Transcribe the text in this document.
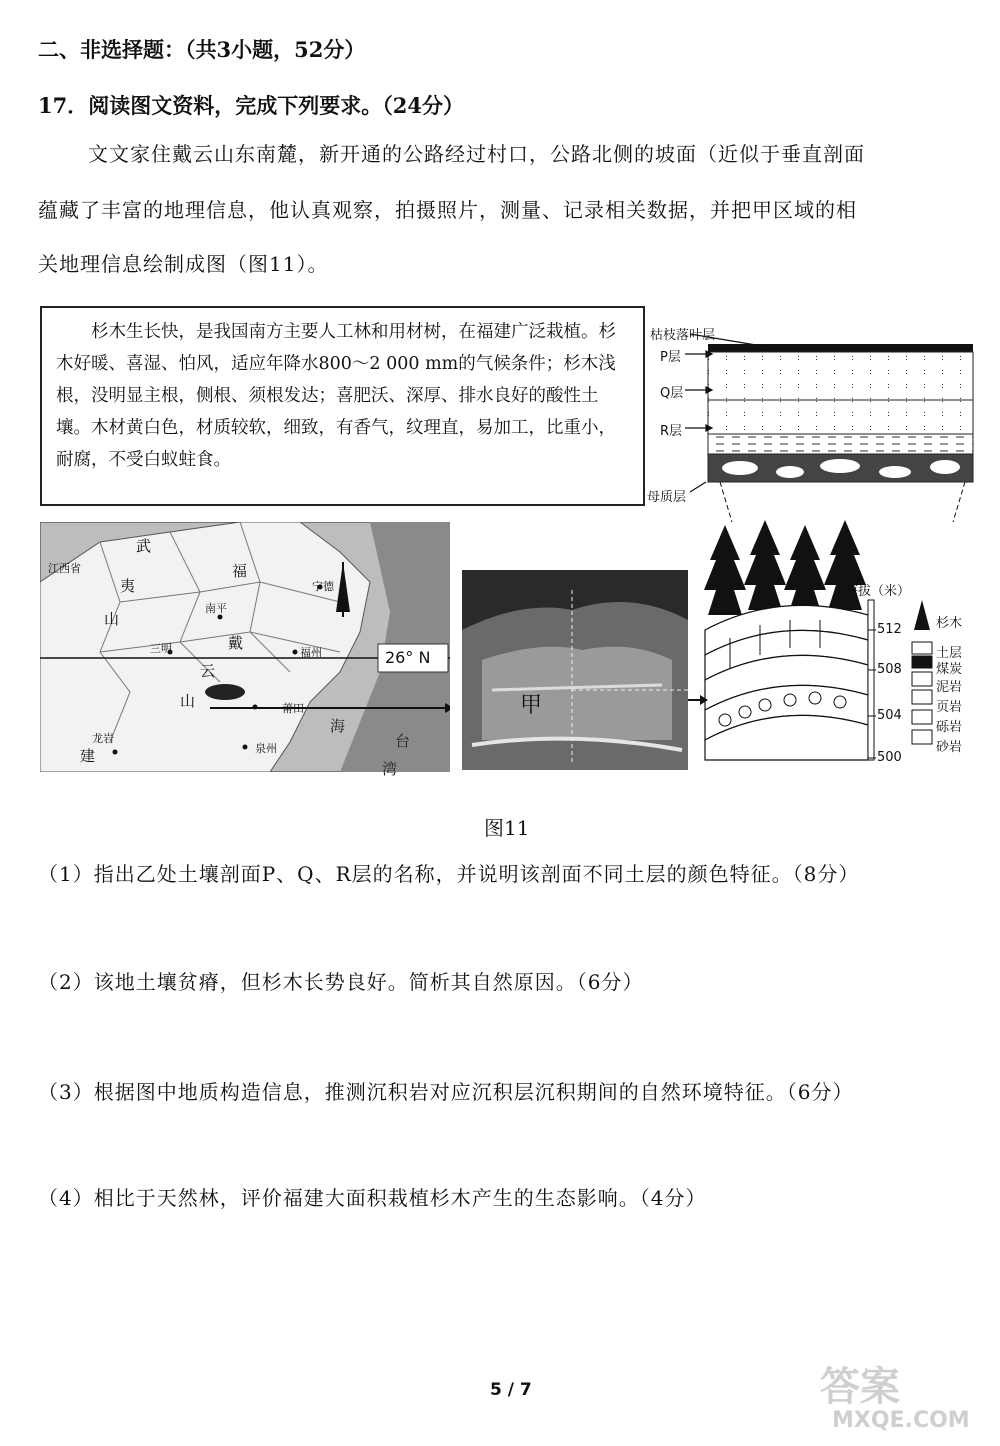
二、非选择题：（共3小题，52分）
17．阅读图文资料，完成下列要求。（24分）
文文家住戴云山东南麓，新开通的公路经过村口，公路北侧的坡面（近似于垂直剖面
蕴藏了丰富的地理信息，他认真观察，拍摄照片，测量、记录相关数据，并把甲区域的相
关地理信息绘制成图（图11）。
杉木生长快，是我国南方主要人工林和用材树，在福建广泛栽植。杉木好暖、喜湿、怕风，适应年降水800～2 000 mm的气候条件；杉木浅根，没明显主根，侧根、须根发达；喜肥沃、深厚、排水良好的酸性土壤。木材黄白色，材质较软，细致，有香气，纹理直，易加工，比重小，耐腐，不受白蚁蛀食。
枯枝落叶层
P层
Q层
R层
母质层
26° N
江西省
武
夷
山
福
南平
宁德
三明	福州
戴
云
山	莆田
泉州
龙岩
建
台
湾
海
甲
海拔（米）
512
508
504
500
杉木
土层
煤炭
泥岩
页岩
砾岩
砂岩
图11
（1）指出乙处土壤剖面P、Q、R层的名称，并说明该剖面不同土层的颜色特征。（8分）
（2）该地土壤贫瘠，但杉木长势良好。简析其自然原因。（6分）
（3）根据图中地质构造信息，推测沉积岩对应沉积层沉积期间的自然环境特征。（6分）
（4）相比于天然林，评价福建大面积栽植杉木产生的生态影响。（4分）
5 / 7	答案
MXQE.COM
